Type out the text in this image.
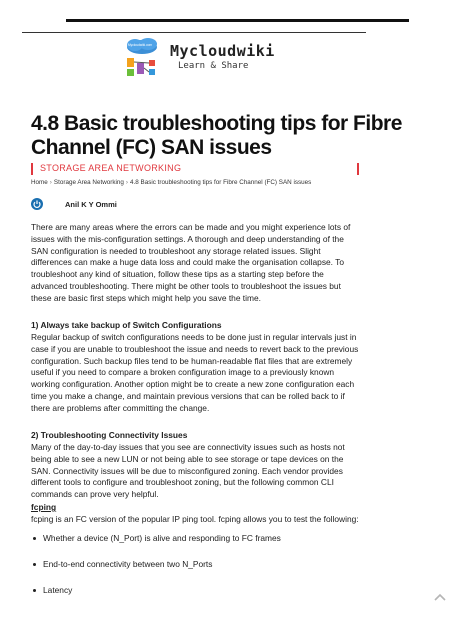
Mycloudwiki.com Mycloudwiki
Learn & Share
4.8 Basic troubleshooting tips for Fibre Channel (FC) SAN issues
STORAGE AREA NETWORKING
Home › Storage Area Networking › 4.8 Basic troubleshooting tips for Fibre Channel (FC) SAN issues
Anil K Y Ommi

There are many areas where the errors can be made and you might experience lots of issues with the mis-configuration settings. A thorough and deep understanding of the SAN configuration is needed to troubleshoot any storage related issues. Slight differences can make a huge data loss and could make the organisation collapse. To troubleshoot any kind of situation, follow these tips as a starting step before the advanced troubleshooting. There might be other tools to troubleshoot the issues but these are basic first steps which might help you save the time.

1) Always take backup of Switch Configurations

Regular backup of switch configurations needs to be done just in regular intervals just in case if you are unable to troubleshoot the issue and needs to revert back to the previous configuration. Such backup files tend to be human-readable flat files that are extremely useful if you need to compare a broken configuration image to a previously known working configuration. Another option might be to create a new zone configuration each time you make a change, and maintain previous versions that can be rolled back to if there are problems after committing the change.

2) Troubleshooting Connectivity Issues

Many of the day-to-day issues that you see are connectivity issues such as hosts not being able to see a new LUN or not being able to see storage or tape devices on the SAN. Connectivity issues will be due to misconfigured zoning. Each vendor provides different tools to configure and troubleshoot zoning, but the following common CLI commands can prove very helpful.

fcping

fcping is an FC version of the popular IP ping tool. fcping allows you to test the following:

Whether a device (N_Port) is alive and responding to FC frames
End-to-end connectivity between two N_Ports
Latency
